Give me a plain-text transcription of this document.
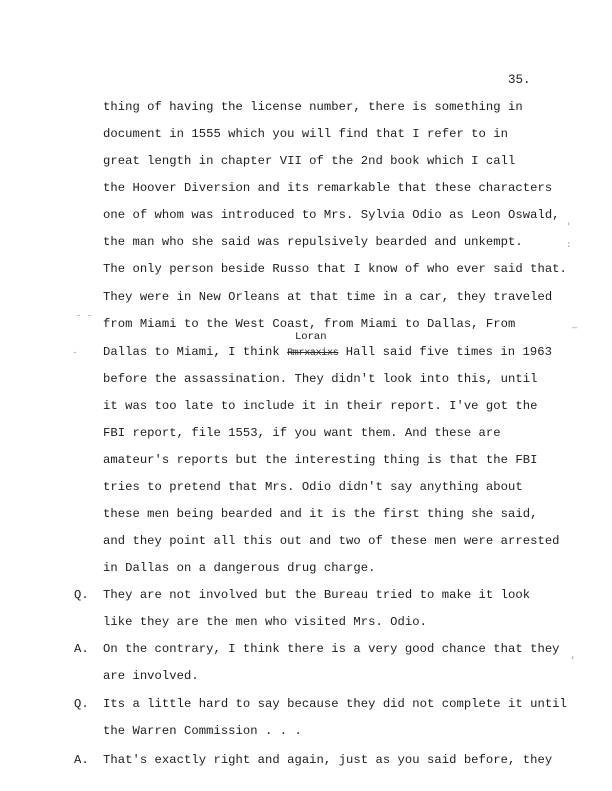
35.
thing of having the license number, there is something in
document in 1555 which you will find that I refer to in
great length in chapter VII of the 2nd book which I call
the Hoover Diversion and its remarkable that these characters
one of whom was introduced to Mrs. Sylvia Odio as Leon Oswald,
the man who she said was repulsively bearded and unkempt.
The only person beside Russo that I know of who ever said that.
They were in New Orleans at that time in a car, they traveled
from Miami to the West Coast, from Miami to Dallas, From
Loran
Dallas to Miami, I think Rmrxaxixs Hall said five times in 1963
before the assassination. They didn't look into this, until
it was too late to include it in their report. I've got the
FBI report, file 1553, if you want them. And these are
amateur's reports but the interesting thing is that the FBI
tries to pretend that Mrs. Odio didn't say anything about
these men being bearded and it is the first thing she said,
and they point all this out and two of these men were arrested
in Dallas on a dangerous drug charge.
Q. They are not involved but the Bureau tried to make it look
like they are the men who visited Mrs. Odio.
A. On the contrary, I think there is a very good chance that they
are involved.
Q. Its a little hard to say because they did not complete it until
the Warren Commission . . .
A. That's exactly right and again, just as you said before, they
'
:
- -
-
—
‹
